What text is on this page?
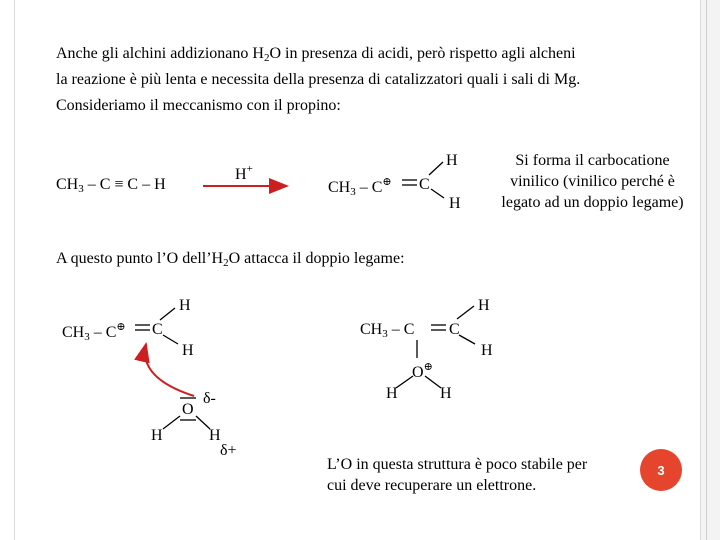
Anche gli alchini addizionano $H_2O$ in presenza di acidi, però rispetto agli alcheni
la reazione è più lenta e necessita della presenza di catalizzatori quali i sali di Mg.
Consideriamo il meccanismo con il propino:
$CH_3 - C \equiv C - H$
H+
$CH_3 - C^\oplus$ C
H
H
Si forma il carbocatione
vinilico (vinilico perché è
legato ad un doppio legame)
A questo punto l’O $dell’H_2O$ attacca il doppio legame:
$CH_3 - C^\oplus$ C
H
H
O
H	H
δ-
δ+
$CH_3$ – C C
H
H
O⊕
H	H
L’O in questa struttura è poco stabile per
cui deve recuperare un elettrone.
3
